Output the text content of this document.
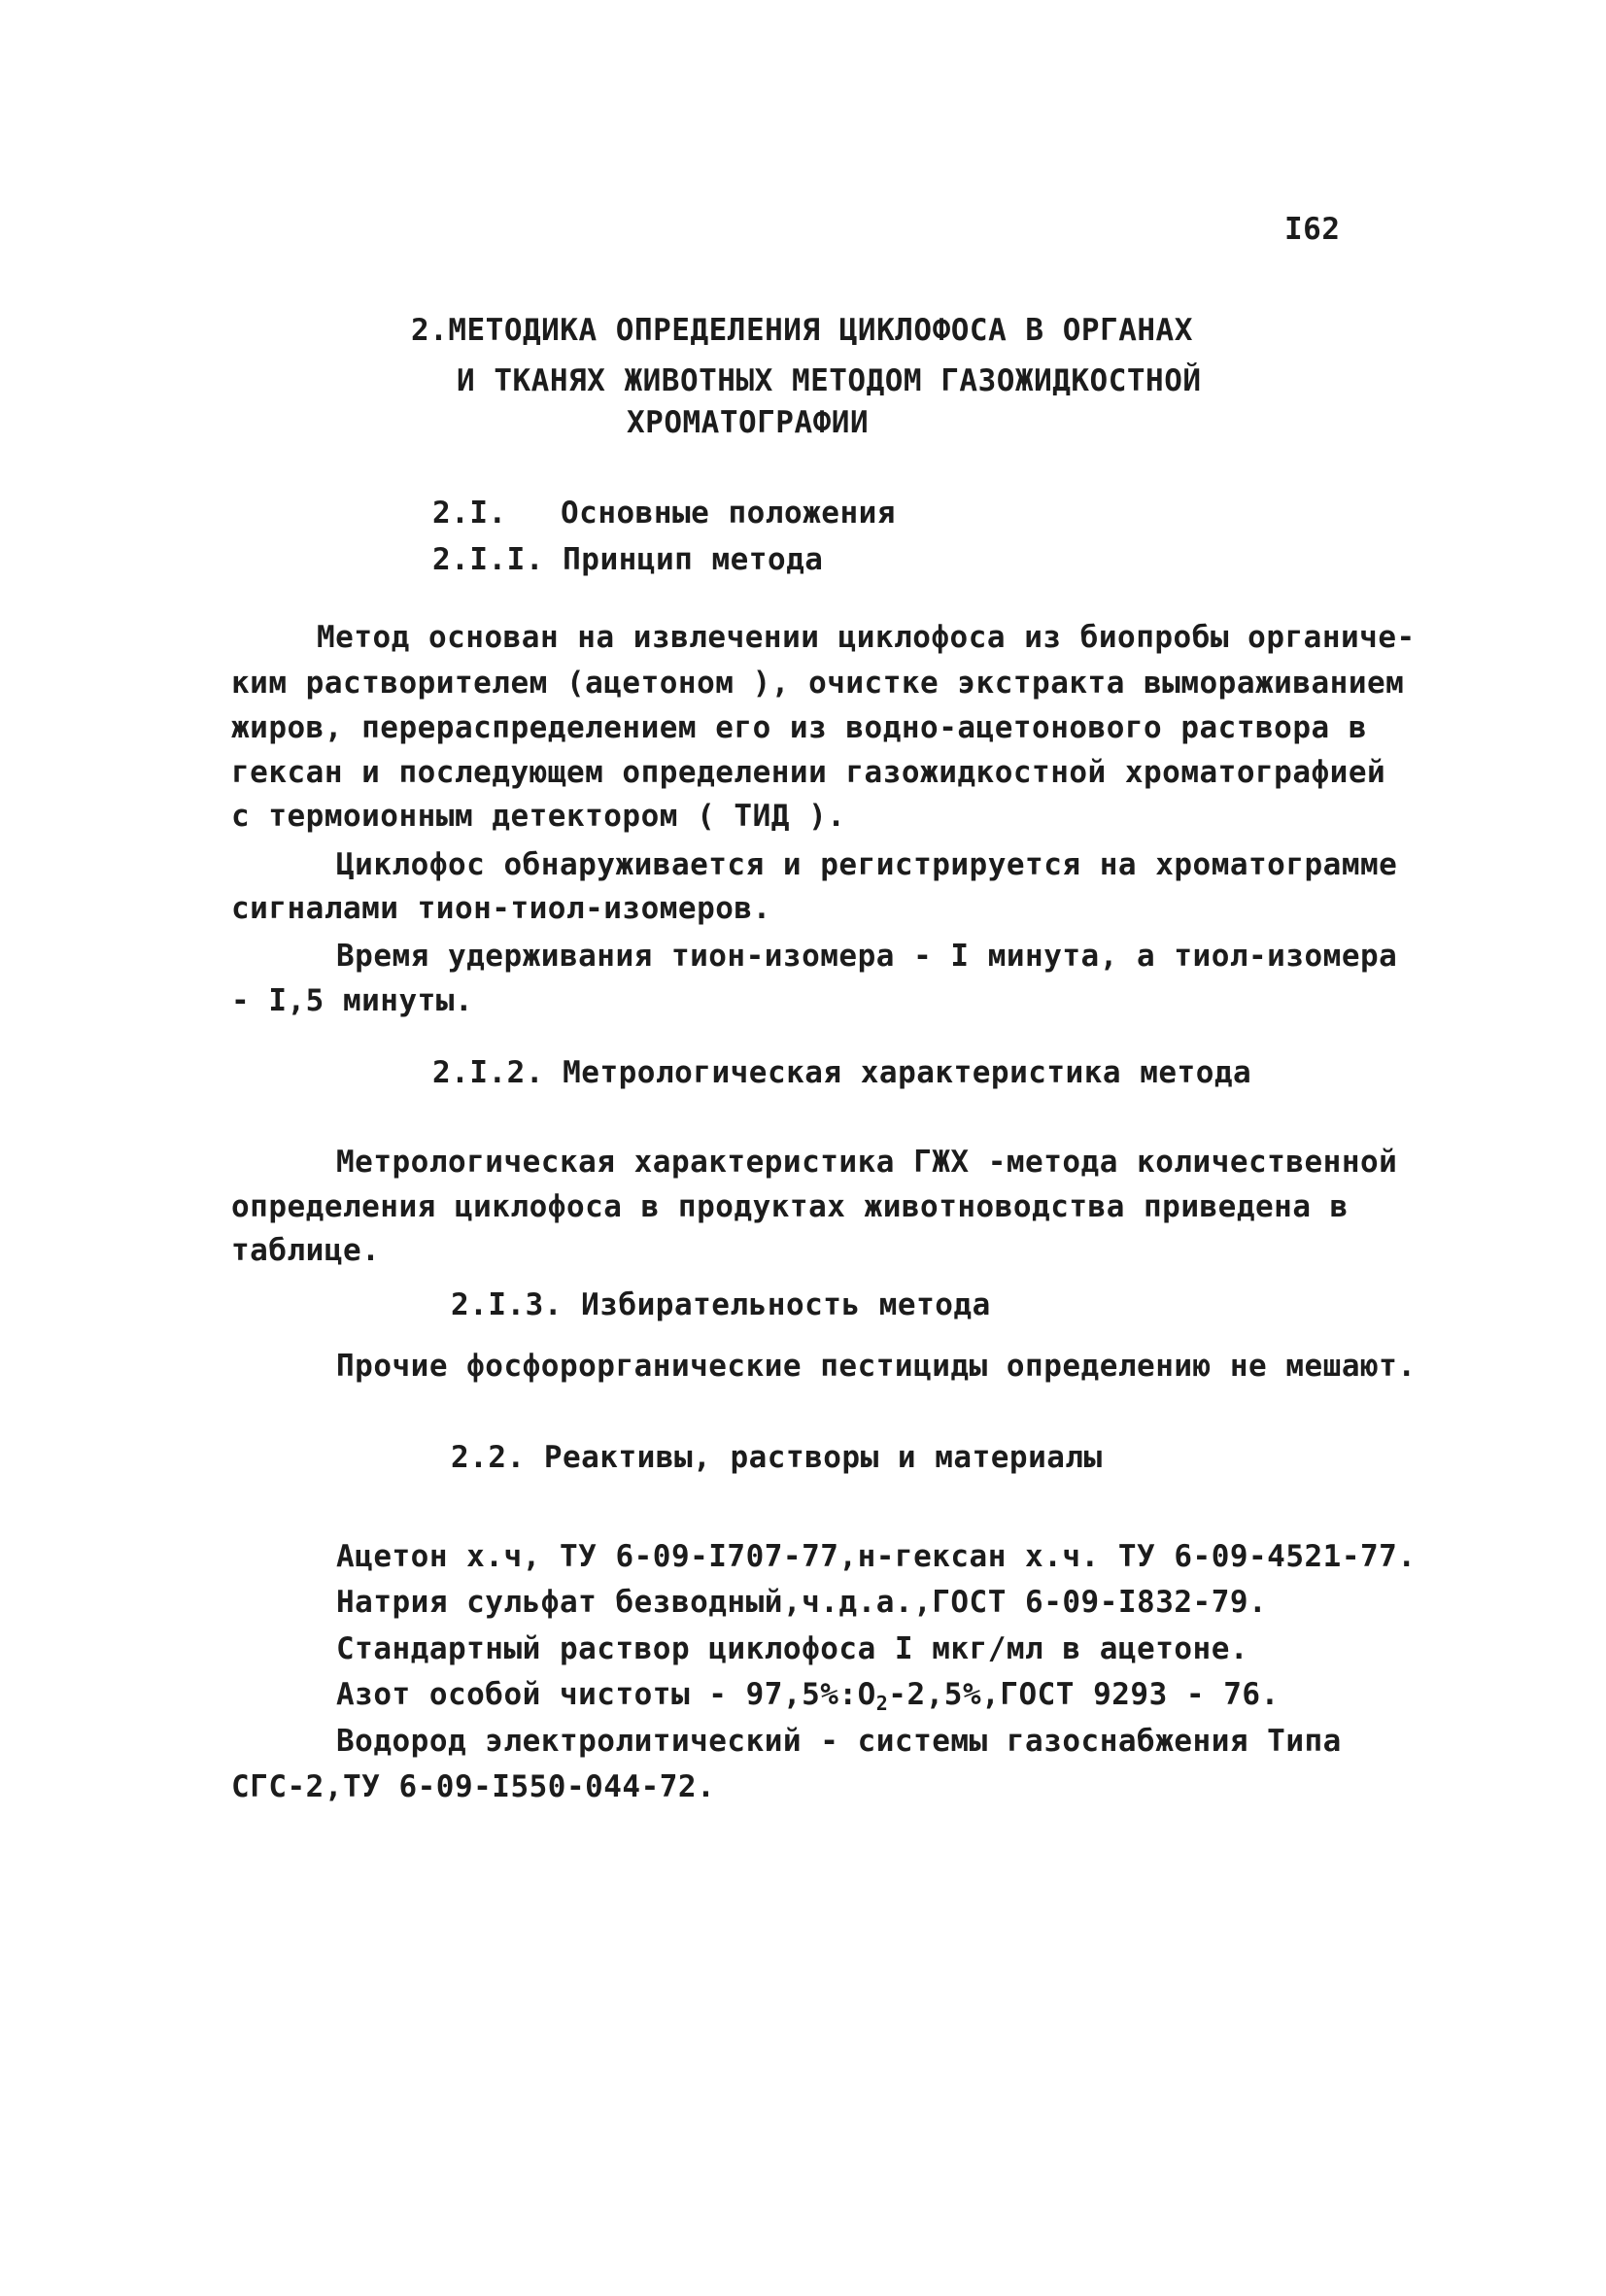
I62
2.МЕТОДИКА ОПРЕДЕЛЕНИЯ ЦИКЛОФОСА В ОРГАНАХ
И ТКАНЯХ ЖИВОТНЫХ МЕТОДОМ ГАЗОЖИДКОСТНОЙ
ХРОМАТОГРАФИИ
2.I. Основные положения
2.I.I. Принцип метода
Метод основан на извлечении циклофоса из биопробы органиче-
ким растворителем (ацетоном ), очистке экстракта вымораживанием
жиров, перераспределением его из водно-ацетонового раствора в
гексан и последующем определении газожидкостной хроматографией
с термоионным детектором ( ТИД ).
Циклофос обнаруживается и регистрируется на хроматограмме
сигналами тион-тиол-изомеров.
Время удерживания тион-изомера - I минута, а тиол-изомера
- I,5 минуты.
2.I.2. Метрологическая характеристика метода
Метрологическая характеристика ГЖХ -метода количественной
определения циклофоса в продуктах животноводства приведена в
таблице.
2.I.3. Избирательность метода
Прочие фосфорорганические пестициды определению не мешают.
2.2. Реактивы, растворы и материалы
Ацетон х.ч, ТУ 6-09-I707-77,н-гексан х.ч. ТУ 6-09-4521-77.
Натрия сульфат безводный,ч.д.а.,ГОСТ 6-09-I832-79.
Стандартный раствор циклофоса I мкг/мл в ацетоне.
Азот особой чистоты - $97,5\%:O_2-2,5\%,ГОСТ$ 9293 - 76.
Водород электролитический - системы газоснабжения Типа
СГС-2,ТУ 6-09-I550-044-72.
